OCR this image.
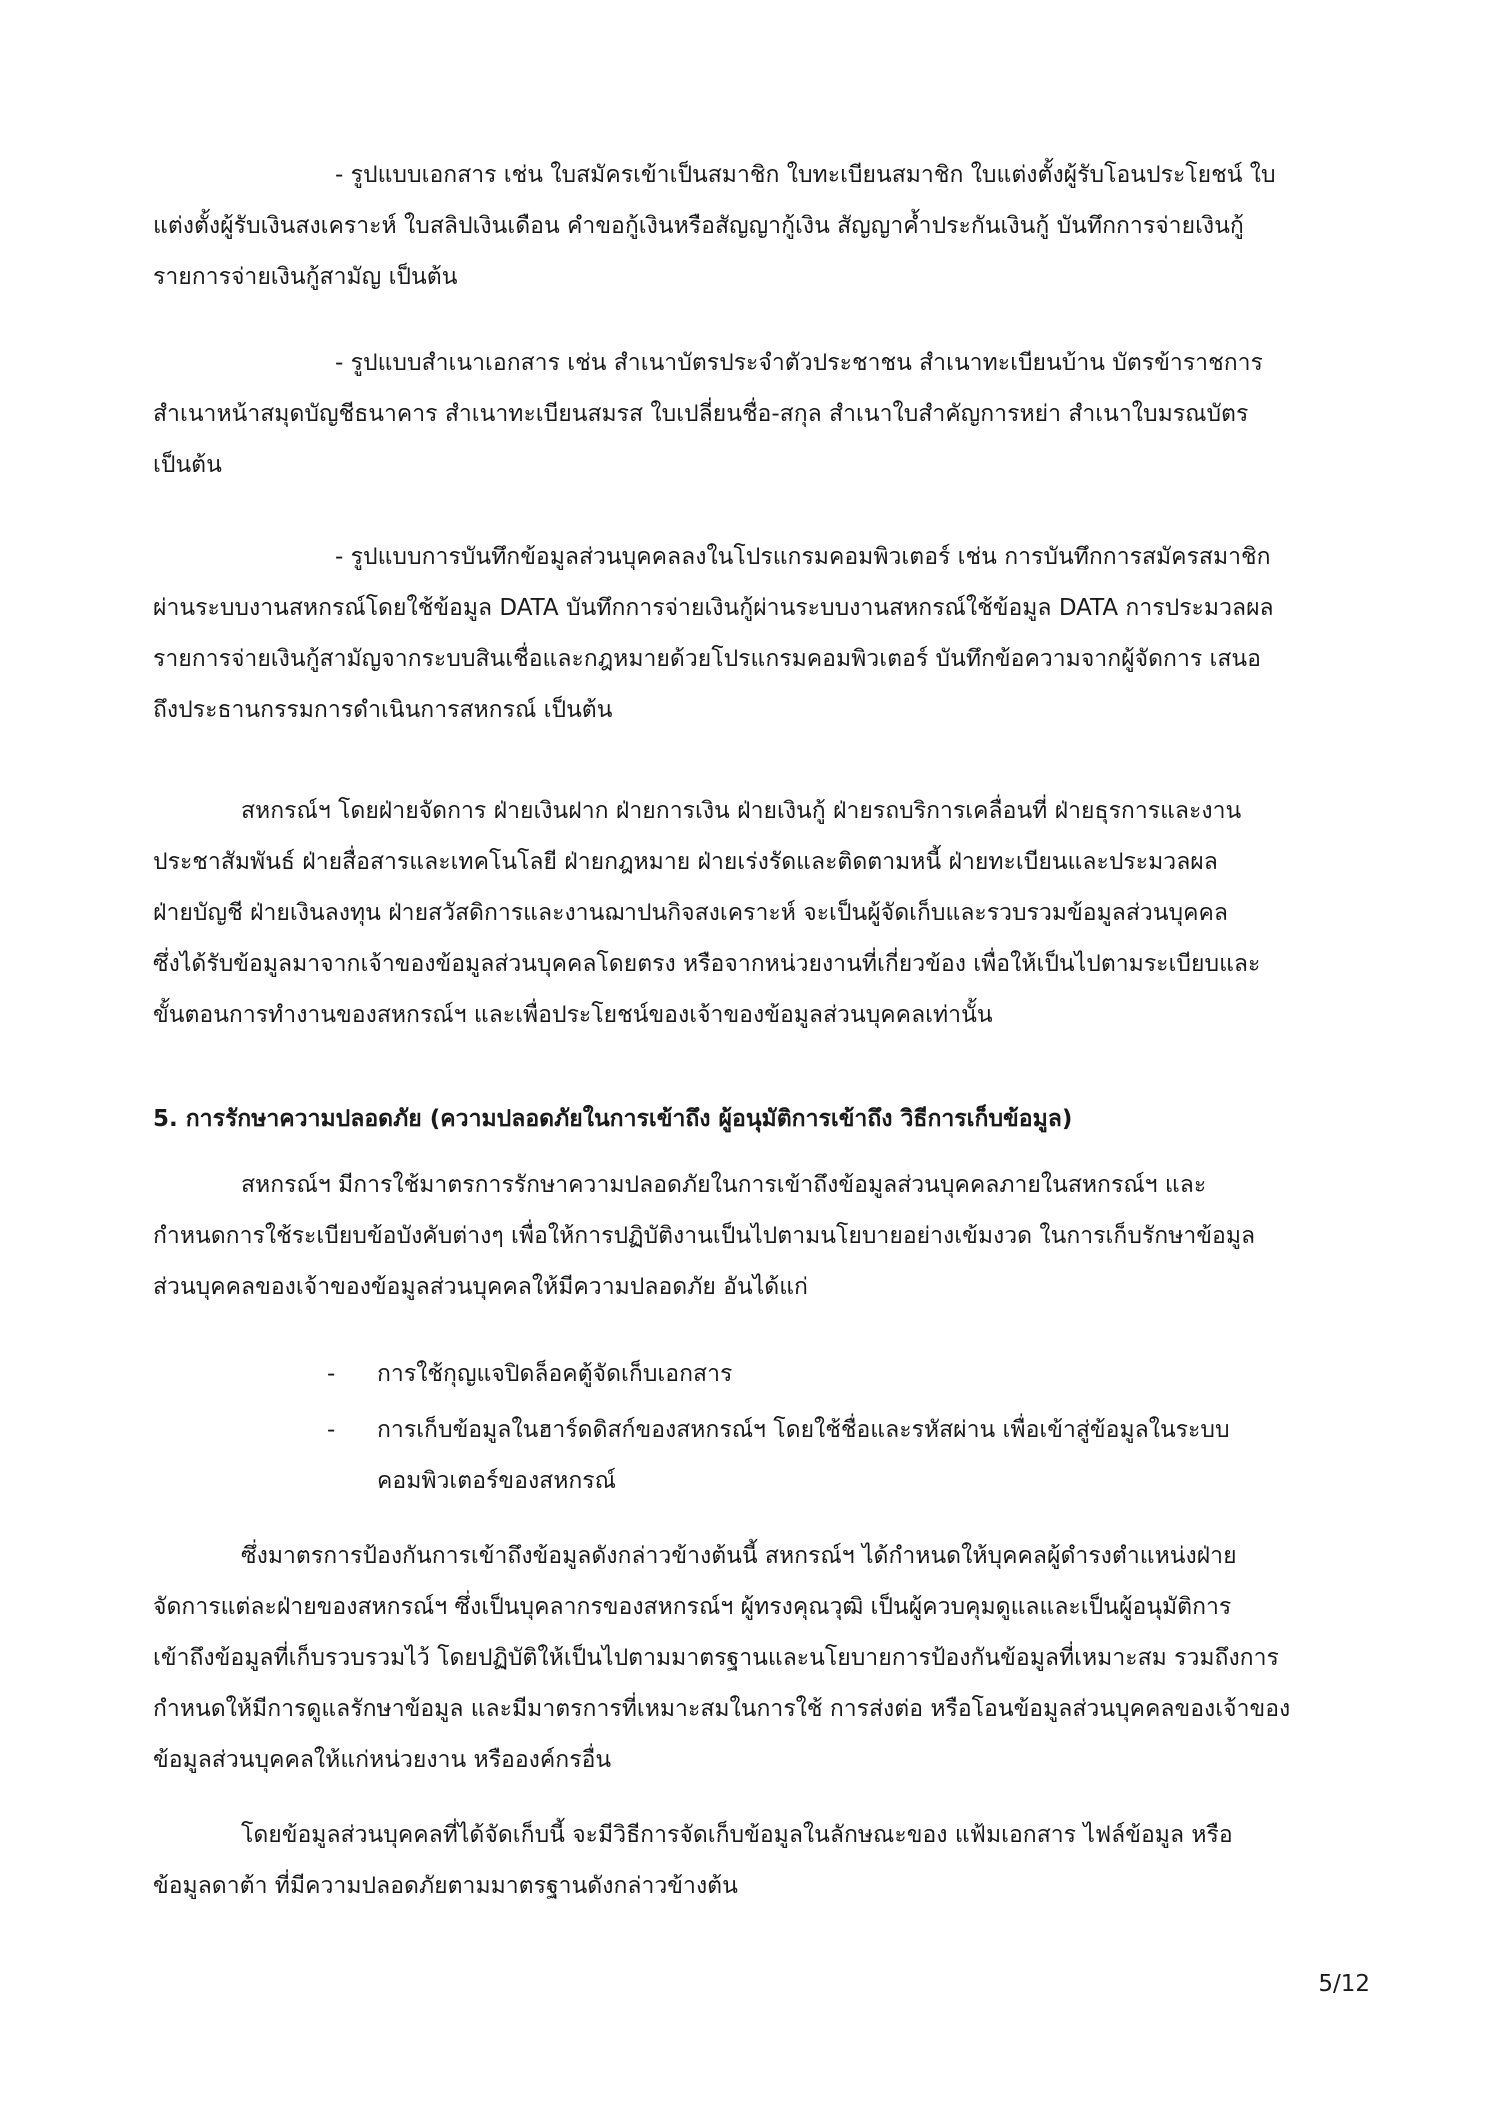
- รูปแบบเอกสาร เช่น ใบสมัครเข้าเป็นสมาชิก ใบทะเบียนสมาชิก ใบแต่งตั้งผู้รับโอนประโยชน์ ใบ
แต่งตั้งผู้รับเงินสงเคราะห์ ใบสลิปเงินเดือน คำขอกู้เงินหรือสัญญากู้เงิน สัญญาค้ำประกันเงินกู้ บันทึกการจ่ายเงินกู้
รายการจ่ายเงินกู้สามัญ เป็นต้น
- รูปแบบสำเนาเอกสาร เช่น สำเนาบัตรประจำตัวประชาชน สำเนาทะเบียนบ้าน บัตรข้าราชการ
สำเนาหน้าสมุดบัญชีธนาคาร สำเนาทะเบียนสมรส ใบเปลี่ยนชื่อ-สกุล สำเนาใบสำคัญการหย่า สำเนาใบมรณบัตร
เป็นต้น
- รูปแบบการบันทึกข้อมูลส่วนบุคคลลงในโปรแกรมคอมพิวเตอร์ เช่น การบันทึกการสมัครสมาชิก
ผ่านระบบงานสหกรณ์โดยใช้ข้อมูล DATA บันทึกการจ่ายเงินกู้ผ่านระบบงานสหกรณ์ใช้ข้อมูล DATA การประมวลผล
รายการจ่ายเงินกู้สามัญจากระบบสินเชื่อและกฎหมายด้วยโปรแกรมคอมพิวเตอร์ บันทึกข้อความจากผู้จัดการ เสนอ
ถึงประธานกรรมการดำเนินการสหกรณ์ เป็นต้น
สหกรณ์ฯ โดยฝ่ายจัดการ ฝ่ายเงินฝาก ฝ่ายการเงิน ฝ่ายเงินกู้ ฝ่ายรถบริการเคลื่อนที่ ฝ่ายธุรการและงาน
ประชาสัมพันธ์ ฝ่ายสื่อสารและเทคโนโลยี ฝ่ายกฎหมาย ฝ่ายเร่งรัดและติดตามหนี้ ฝ่ายทะเบียนและประมวลผล
ฝ่ายบัญชี ฝ่ายเงินลงทุน ฝ่ายสวัสดิการและงานฌาปนกิจสงเคราะห์ จะเป็นผู้จัดเก็บและรวบรวมข้อมูลส่วนบุคคล
ซึ่งได้รับข้อมูลมาจากเจ้าของข้อมูลส่วนบุคคลโดยตรง หรือจากหน่วยงานที่เกี่ยวข้อง เพื่อให้เป็นไปตามระเบียบและ
ขั้นตอนการทำงานของสหกรณ์ฯ และเพื่อประโยชน์ของเจ้าของข้อมูลส่วนบุคคลเท่านั้น
5. การรักษาความปลอดภัย (ความปลอดภัยในการเข้าถึง ผู้อนุมัติการเข้าถึง วิธีการเก็บข้อมูล)
สหกรณ์ฯ มีการใช้มาตรการรักษาความปลอดภัยในการเข้าถึงข้อมูลส่วนบุคคลภายในสหกรณ์ฯ และ
กำหนดการใช้ระเบียบข้อบังคับต่างๆ เพื่อให้การปฏิบัติงานเป็นไปตามนโยบายอย่างเข้มงวด ในการเก็บรักษาข้อมูล
ส่วนบุคคลของเจ้าของข้อมูลส่วนบุคคลให้มีความปลอดภัย อันได้แก่
- การใช้กุญแจปิดล็อคตู้จัดเก็บเอกสาร
- การเก็บข้อมูลในฮาร์ดดิสก์ของสหกรณ์ฯ โดยใช้ชื่อและรหัสผ่าน เพื่อเข้าสู่ข้อมูลในระบบ
คอมพิวเตอร์ของสหกรณ์
ซึ่งมาตรการป้องกันการเข้าถึงข้อมูลดังกล่าวข้างต้นนี้ สหกรณ์ฯ ได้กำหนดให้บุคคลผู้ดำรงตำแหน่งฝ่าย
จัดการแต่ละฝ่ายของสหกรณ์ฯ ซึ่งเป็นบุคลากรของสหกรณ์ฯ ผู้ทรงคุณวุฒิ เป็นผู้ควบคุมดูแลและเป็นผู้อนุมัติการ
เข้าถึงข้อมูลที่เก็บรวบรวมไว้ โดยปฏิบัติให้เป็นไปตามมาตรฐานและนโยบายการป้องกันข้อมูลที่เหมาะสม รวมถึงการ
กำหนดให้มีการดูแลรักษาข้อมูล และมีมาตรการที่เหมาะสมในการใช้ การส่งต่อ หรือโอนข้อมูลส่วนบุคคลของเจ้าของ
ข้อมูลส่วนบุคคลให้แก่หน่วยงาน หรือองค์กรอื่น
โดยข้อมูลส่วนบุคคลที่ได้จัดเก็บนี้ จะมีวิธีการจัดเก็บข้อมูลในลักษณะของ แฟ้มเอกสาร ไฟล์ข้อมูล หรือ
ข้อมูลดาต้า ที่มีความปลอดภัยตามมาตรฐานดังกล่าวข้างต้น
5/12
